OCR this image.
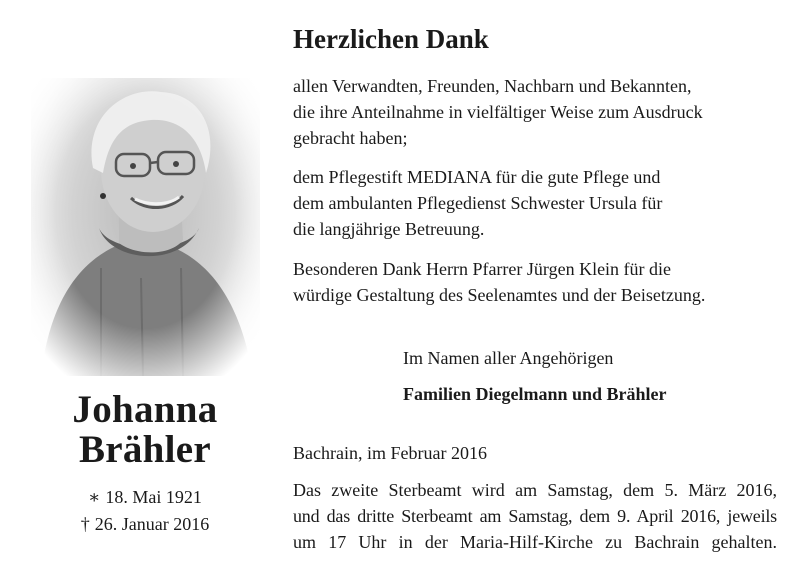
Johanna
Brähler
∗ 18. Mai 1921
† 26. Januar 2016
Herzlichen Dank
allen Verwandten, Freunden, Nachbarn und Bekannten,
die ihre Anteilnahme in vielfältiger Weise zum Ausdruck
gebracht haben;
dem Pflegestift MEDIANA für die gute Pflege und
dem ambulanten Pflegedienst Schwester Ursula für
die langjährige Betreuung.
Besonderen Dank Herrn Pfarrer Jürgen Klein für die
würdige Gestaltung des Seelenamtes und der Beisetzung.
Im Namen aller Angehörigen
Familien Diegelmann und Brähler
Bachrain, im Februar 2016
Das zweite Sterbeamt wird am Samstag, dem 5. März 2016,
und das dritte Sterbeamt am Samstag, dem 9. April 2016, jeweils
um 17 Uhr in der Maria-Hilf-Kirche zu Bachrain gehalten.
